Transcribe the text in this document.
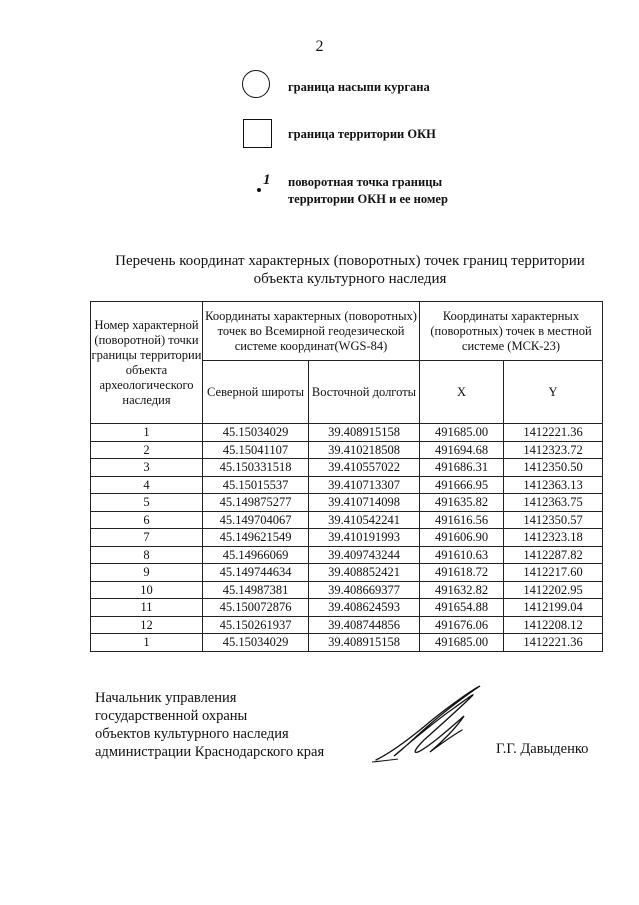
2
граница насыпи кургана
граница территории ОКН
1 поворотная точка границы
территории ОКН и ее номер
Перечень координат характерных (поворотных) точек границ территории
объекта культурного наследия
Номер характерной (поворотной) точки границы территории объекта археологического наследия	Координаты характерных (поворотных) точек во Всемирной геодезической системе координат(WGS-84)		Координаты характерных (поворотных) точек в местной системе (МСК-23)	
	Северной широты	Восточной долготы	X	Y
1	45.15034029	39.408915158	491685.00	1412221.36
2	45.15041107	39.410218508	491694.68	1412323.72
3	45.150331518	39.410557022	491686.31	1412350.50
4	45.15015537	39.410713307	491666.95	1412363.13
5	45.149875277	39.410714098	491635.82	1412363.75
6	45.149704067	39.410542241	491616.56	1412350.57
7	45.149621549	39.410191993	491606.90	1412323.18
8	45.14966069	39.409743244	491610.63	1412287.82
9	45.149744634	39.408852421	491618.72	1412217.60
10	45.14987381	39.408669377	491632.82	1412202.95
11	45.150072876	39.408624593	491654.88	1412199.04
12	45.150261937	39.408744856	491676.06	1412208.12
1	45.15034029	39.408915158	491685.00	1412221.36
Начальник управления
государственной охраны
объектов культурного наследия
администрации Краснодарского края	Г.Г. Давыденко
